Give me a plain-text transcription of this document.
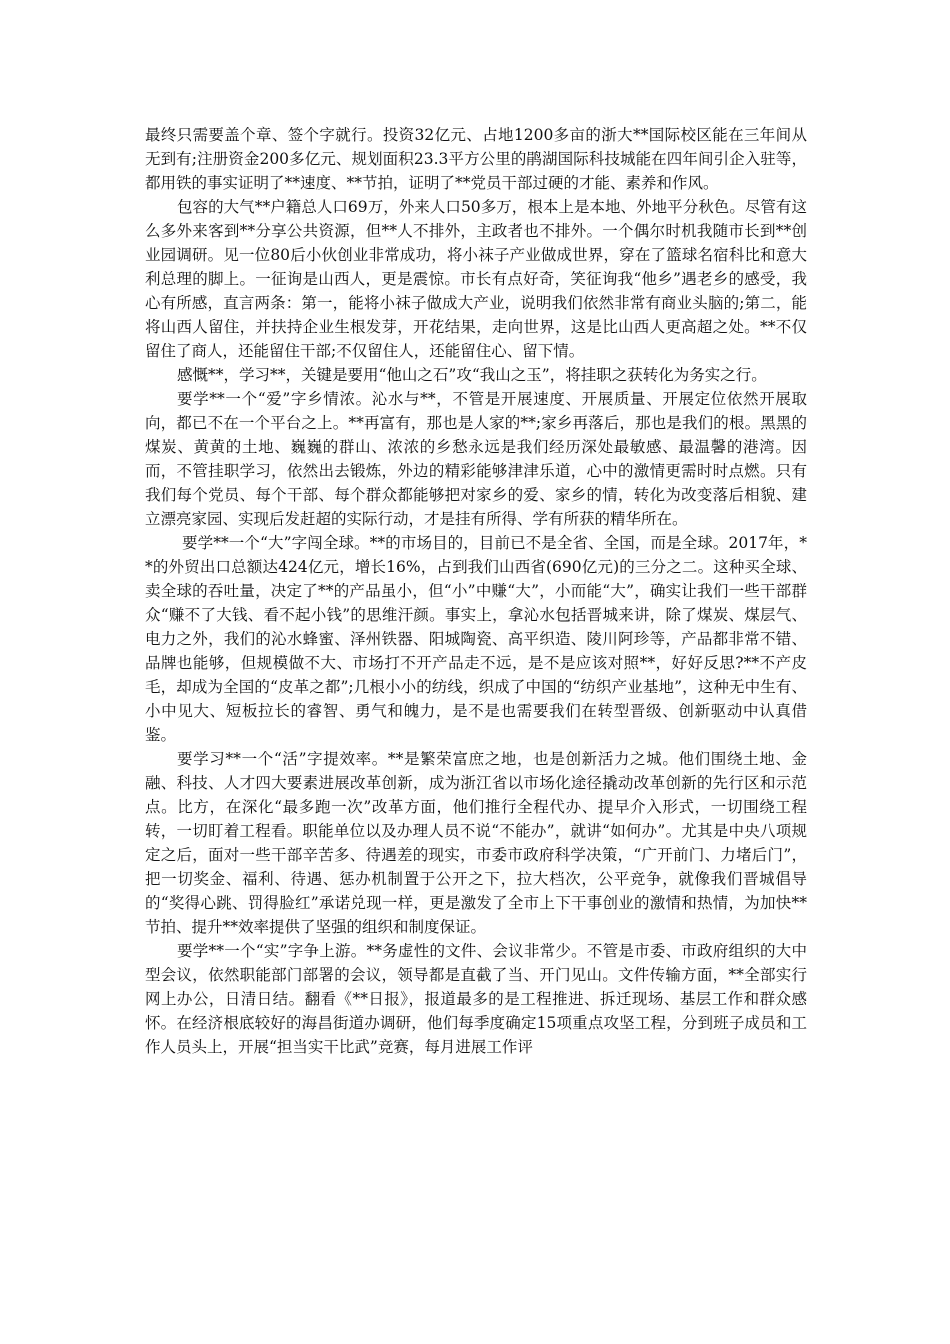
最终只需要盖个章、签个字就行。投资32亿元、占地1200多亩的浙大**国际校区能在三年间从无到有;注册资金200多亿元、规划面积23.3平方公里的鹃湖国际科技城能在四年间引企入驻等，都用铁的事实证明了**速度、**节拍，证明了**党员干部过硬的才能、素养和作风。

包容的大气**户籍总人口69万，外来人口50多万，根本上是本地、外地平分秋色。尽管有这么多外来客到**分享公共资源，但**人不排外，主政者也不排外。一个偶尔时机我随市长到**创业园调研。见一位80后小伙创业非常成功，将小袜子产业做成世界，穿在了篮球名宿科比和意大利总理的脚上。一征询是山西人，更是震惊。市长有点好奇，笑征询我“他乡”遇老乡的感受，我心有所感，直言两条：第一，能将小袜子做成大产业，说明我们依然非常有商业头脑的;第二，能将山西人留住，并扶持企业生根发芽，开花结果，走向世界，这是比山西人更高超之处。**不仅留住了商人，还能留住干部;不仅留住人，还能留住心、留下情。

感慨**，学习**，关键是要用“他山之石”攻“我山之玉”，将挂职之获转化为务实之行。

要学**一个“爱”字乡情浓。沁水与**，不管是开展速度、开展质量、开展定位依然开展取向，都已不在一个平台之上。**再富有，那也是人家的**;家乡再落后，那也是我们的根。黑黑的煤炭、黄黄的土地、巍巍的群山、浓浓的乡愁永远是我们经历深处最敏感、最温馨的港湾。因而，不管挂职学习，依然出去锻炼，外边的精彩能够津津乐道，心中的激情更需时时点燃。只有我们每个党员、每个干部、每个群众都能够把对家乡的爱、家乡的情，转化为改变落后相貌、建立漂亮家园、实现后发赶超的实际行动，才是挂有所得、学有所获的精华所在。

要学**一个“大”字闯全球。**的市场目的，目前已不是全省、全国，而是全球。2017年，**的外贸出口总额达424亿元，增长16%，占到我们山西省(690亿元)的三分之二。这种买全球、卖全球的吞吐量，决定了**的产品虽小，但“小”中赚“大”，小而能“大”，确实让我们一些干部群众“赚不了大钱、看不起小钱”的思维汗颜。事实上，拿沁水包括晋城来讲，除了煤炭、煤层气、电力之外，我们的沁水蜂蜜、泽州铁器、阳城陶瓷、高平织造、陵川阿珍等，产品都非常不错、品牌也能够，但规模做不大、市场打不开产品走不远，是不是应该对照**，好好反思?**不产皮毛，却成为全国的“皮革之都”;几根小小的纺线，织成了中国的“纺织产业基地”，这种无中生有、小中见大、短板拉长的睿智、勇气和魄力，是不是也需要我们在转型晋级、创新驱动中认真借鉴。

要学习**一个“活”字提效率。**是繁荣富庶之地，也是创新活力之城。他们围绕土地、金融、科技、人才四大要素进展改革创新，成为浙江省以市场化途径撬动改革创新的先行区和示范点。比方，在深化“最多跑一次”改革方面，他们推行全程代办、提早介入形式，一切围绕工程转，一切盯着工程看。职能单位以及办理人员不说“不能办”，就讲“如何办”。尤其是中央八项规定之后，面对一些干部辛苦多、待遇差的现实，市委市政府科学决策，“广开前门、力堵后门”，把一切奖金、福利、待遇、惩办机制置于公开之下，拉大档次，公平竞争，就像我们晋城倡导的“奖得心跳、罚得脸红”承诺兑现一样，更是激发了全市上下干事创业的激情和热情，为加快**节拍、提升**效率提供了坚强的组织和制度保证。

要学**一个“实”字争上游。**务虚性的文件、会议非常少。不管是市委、市政府组织的大中型会议，依然职能部门部署的会议，领导都是直截了当、开门见山。文件传输方面，**全部实行网上办公，日清日结。翻看《**日报》，报道最多的是工程推进、拆迁现场、基层工作和群众感怀。在经济根底较好的海昌街道办调研，他们每季度确定15项重点攻坚工程，分到班子成员和工作人员头上，开展“担当实干比武”竞赛，每月进展工作评
